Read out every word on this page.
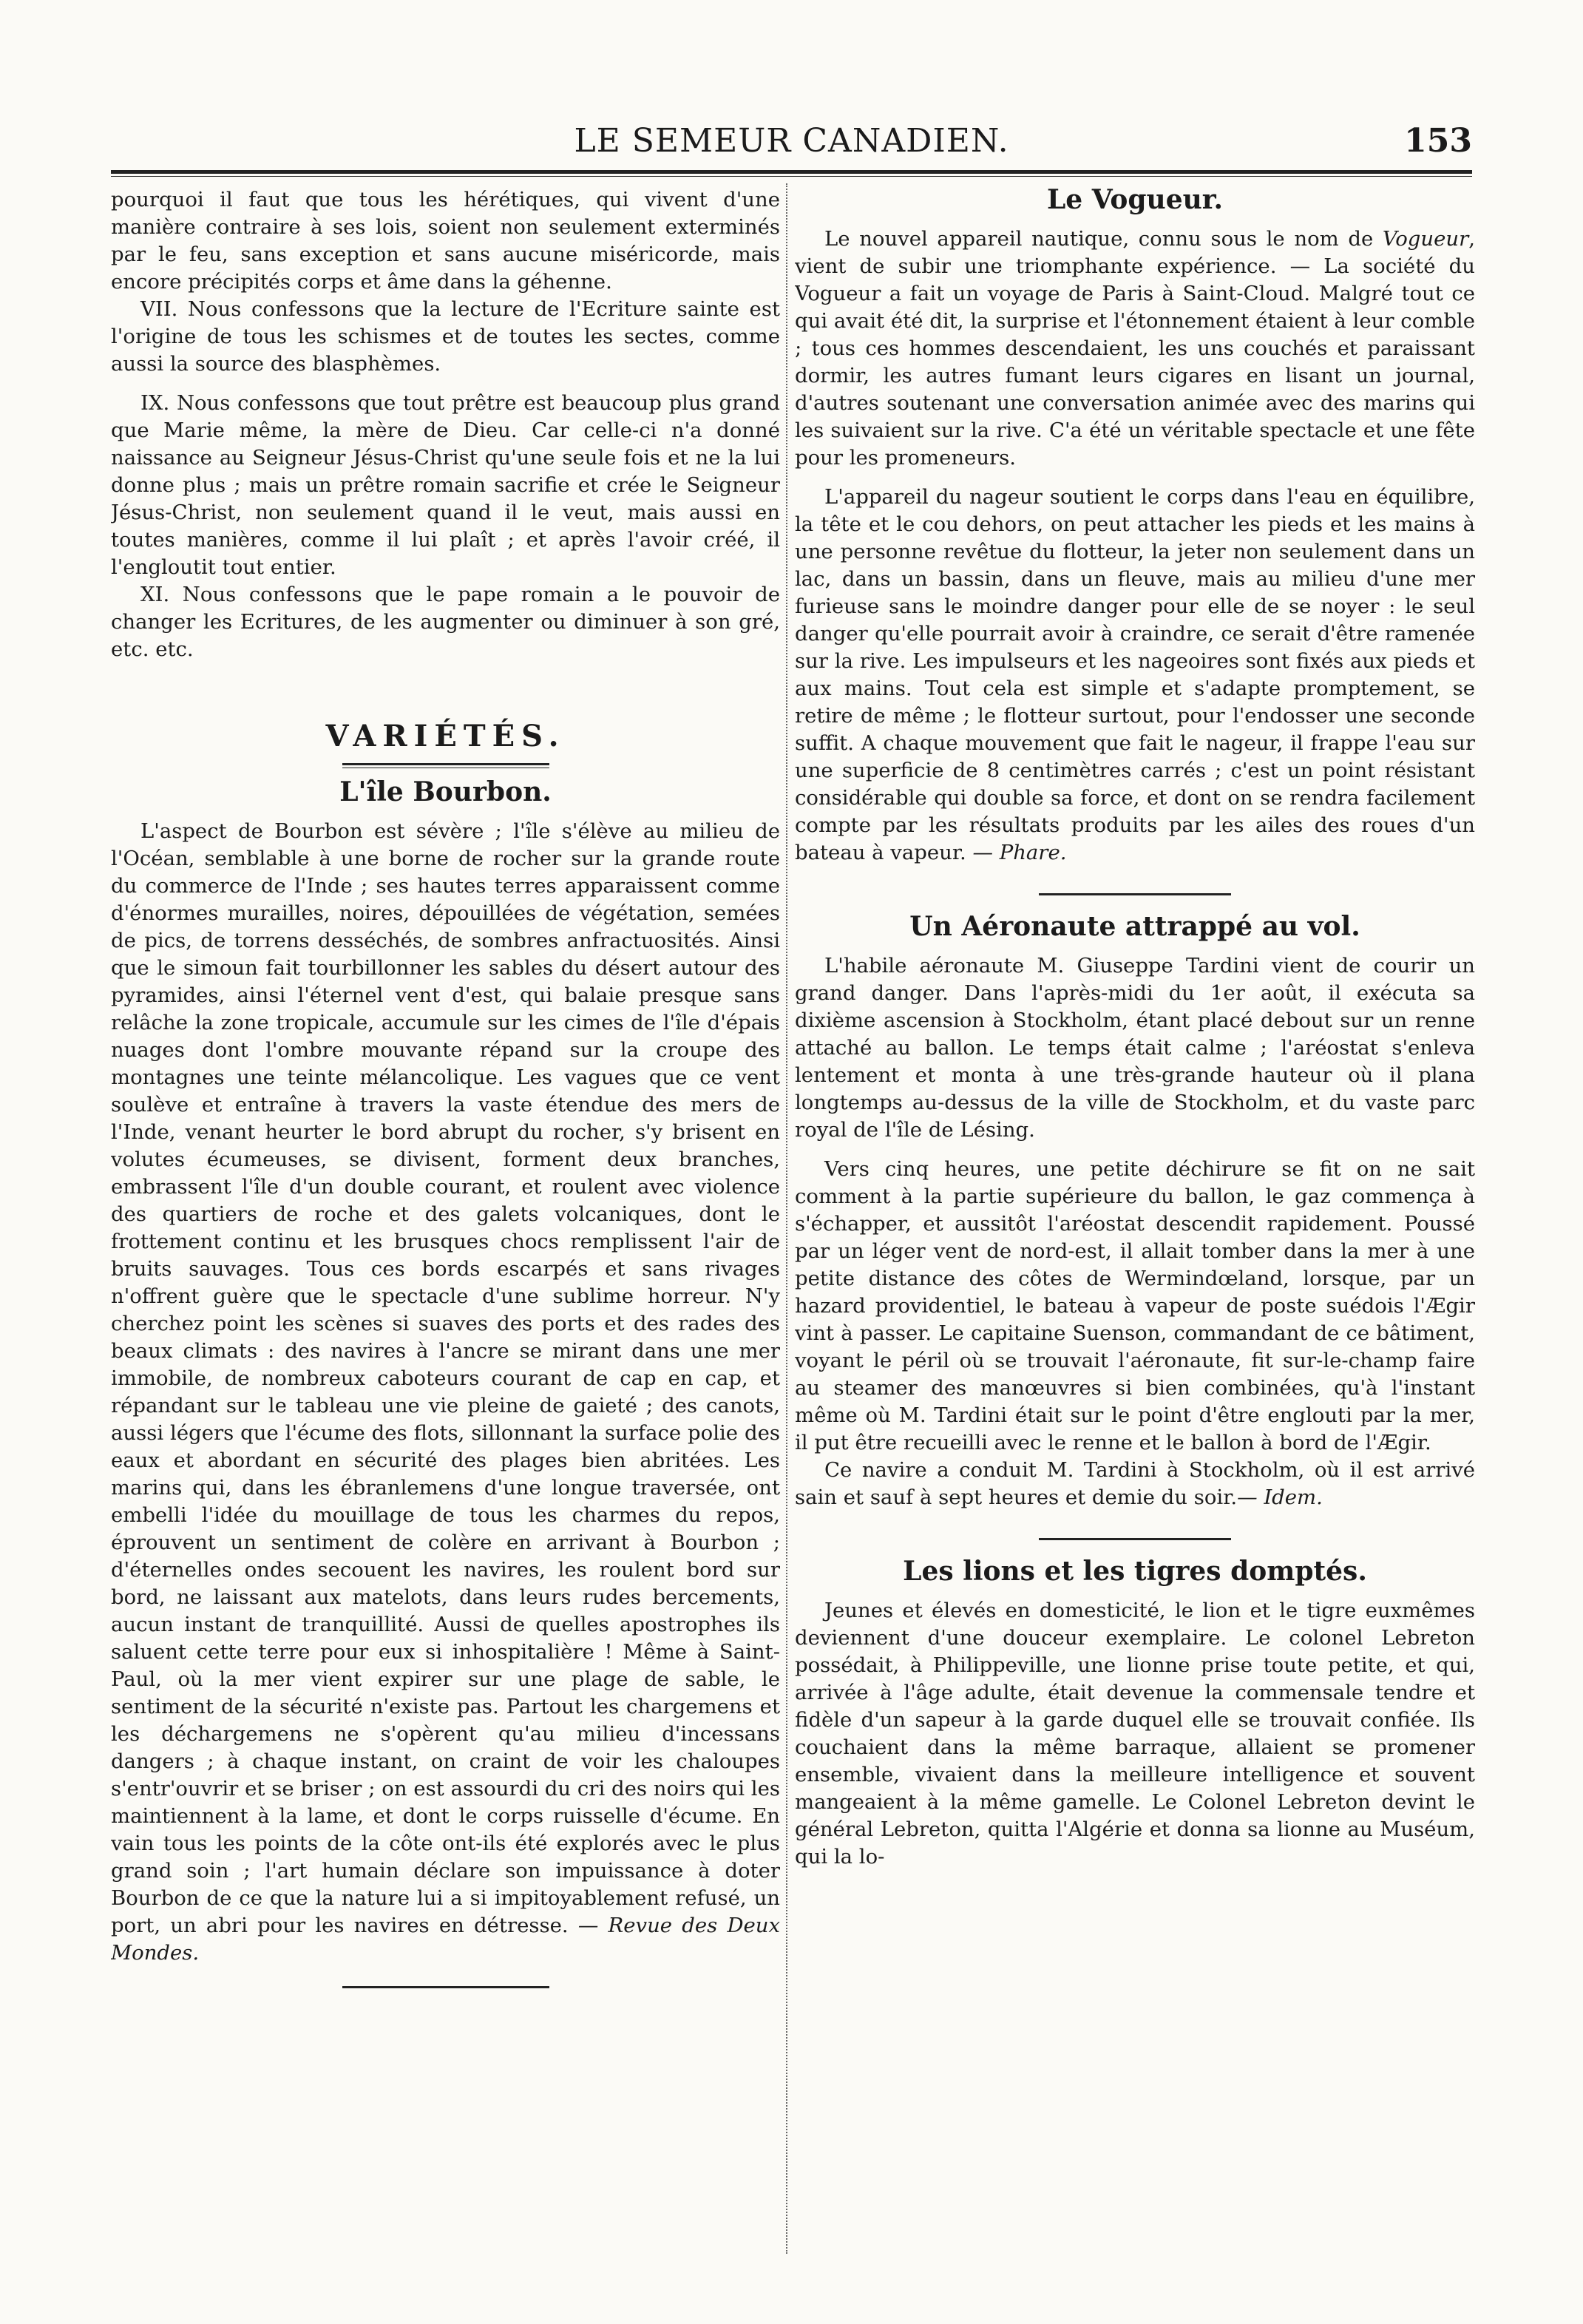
LE SEMEUR CANADIEN.	153

pourquoi il faut que tous les hérétiques, qui vivent d'une manière contraire à ses lois, soient non seulement exterminés par le feu, sans exception et sans aucune miséricorde, mais encore précipités corps et âme dans la géhenne.

VII. Nous confessons que la lecture de l'Ecriture sainte est l'origine de tous les schismes et de toutes les sectes, comme aussi la source des blasphèmes.

IX. Nous confessons que tout prêtre est beaucoup plus grand que Marie même, la mère de Dieu. Car celle-ci n'a donné naissance au Seigneur Jésus-Christ qu'une seule fois et ne la lui donne plus ; mais un prêtre romain sacrifie et crée le Seigneur Jésus-Christ, non seulement quand il le veut, mais aussi en toutes manières, comme il lui plaît ; et après l'avoir créé, il l'engloutit tout entier.

XI. Nous confessons que le pape romain a le pouvoir de changer les Ecritures, de les augmenter ou diminuer à son gré, etc. etc.

VARIÉTÉS.
L'île Bourbon.

L'aspect de Bourbon est sévère ; l'île s'élève au milieu de l'Océan, semblable à une borne de rocher sur la grande route du commerce de l'Inde ; ses hautes terres apparaissent comme d'énormes murailles, noires, dépouillées de végétation, semées de pics, de torrens desséchés, de sombres anfractuosités. Ainsi que le simoun fait tourbillonner les sables du désert autour des pyramides, ainsi l'éternel vent d'est, qui balaie presque sans relâche la zone tropicale, accumule sur les cimes de l'île d'épais nuages dont l'ombre mouvante répand sur la croupe des montagnes une teinte mélancolique. Les vagues que ce vent soulève et entraîne à travers la vaste étendue des mers de l'Inde, venant heurter le bord abrupt du rocher, s'y brisent en volutes écumeuses, se divisent, forment deux branches, embrassent l'île d'un double courant, et roulent avec violence des quartiers de roche et des galets volcaniques, dont le frottement continu et les brusques chocs remplissent l'air de bruits sauvages. Tous ces bords escarpés et sans rivages n'offrent guère que le spectacle d'une sublime horreur. N'y cherchez point les scènes si suaves des ports et des rades des beaux climats : des navires à l'ancre se mirant dans une mer immobile, de nombreux caboteurs courant de cap en cap, et répandant sur le tableau une vie pleine de gaieté ; des canots, aussi légers que l'écume des flots, sillonnant la surface polie des eaux et abordant en sécurité des plages bien abritées. Les marins qui, dans les ébranlemens d'une longue traversée, ont embelli l'idée du mouillage de tous les charmes du repos, éprouvent un sentiment de colère en arrivant à Bourbon ; d'éternelles ondes secouent les navires, les roulent bord sur bord, ne laissant aux matelots, dans leurs rudes bercements, aucun instant de tranquillité. Aussi de quelles apostrophes ils saluent cette terre pour eux si inhospitalière ! Même à Saint-Paul, où la mer vient expirer sur une plage de sable, le sentiment de la sécurité n'existe pas. Partout les chargemens et les déchargemens ne s'opèrent qu'au milieu d'incessans dangers ; à chaque instant, on craint de voir les chaloupes s'entr'ouvrir et se briser ; on est assourdi du cri des noirs qui les maintiennent à la lame, et dont le corps ruisselle d'écume. En vain tous les points de la côte ont-ils été explorés avec le plus grand soin ; l'art humain déclare son impuissance à doter Bourbon de ce que la nature lui a si impitoyablement refusé, un port, un abri pour les navires en détresse. — Revue des Deux Mondes.

Le Vogueur.

Le nouvel appareil nautique, connu sous le nom de Vogueur, vient de subir une triomphante expérience. — La société du Vogueur a fait un voyage de Paris à Saint-Cloud. Malgré tout ce qui avait été dit, la surprise et l'étonnement étaient à leur comble ; tous ces hommes descendaient, les uns couchés et paraissant dormir, les autres fumant leurs cigares en lisant un journal, d'autres soutenant une conversation animée avec des marins qui les suivaient sur la rive. C'a été un véritable spectacle et une fête pour les promeneurs.

L'appareil du nageur soutient le corps dans l'eau en équilibre, la tête et le cou dehors, on peut attacher les pieds et les mains à une personne revêtue du flotteur, la jeter non seulement dans un lac, dans un bassin, dans un fleuve, mais au milieu d'une mer furieuse sans le moindre danger pour elle de se noyer : le seul danger qu'elle pourrait avoir à craindre, ce serait d'être ramenée sur la rive. Les impulseurs et les nageoires sont fixés aux pieds et aux mains. Tout cela est simple et s'adapte promptement, se retire de même ; le flotteur surtout, pour l'endosser une seconde suffit. A chaque mouvement que fait le nageur, il frappe l'eau sur une superficie de 8 centimètres carrés ; c'est un point résistant considérable qui double sa force, et dont on se rendra facilement compte par les résultats produits par les ailes des roues d'un bateau à vapeur. — Phare.

Un Aéronaute attrappé au vol.

L'habile aéronaute M. Giuseppe Tardini vient de courir un grand danger. Dans l'après-midi du 1er août, il exécuta sa dixième ascension à Stockholm, étant placé debout sur un renne attaché au ballon. Le temps était calme ; l'aréostat s'enleva lentement et monta à une très-grande hauteur où il plana longtemps au-dessus de la ville de Stockholm, et du vaste parc royal de l'île de Lésing.

Vers cinq heures, une petite déchirure se fit on ne sait comment à la partie supérieure du ballon, le gaz commença à s'échapper, et aussitôt l'aréostat descendit rapidement. Poussé par un léger vent de nord-est, il allait tomber dans la mer à une petite distance des côtes de Wermindœland, lorsque, par un hazard providentiel, le bateau à vapeur de poste suédois l'Ægir vint à passer. Le capitaine Suenson, commandant de ce bâtiment, voyant le péril où se trouvait l'aéronaute, fit sur-le-champ faire au steamer des manœuvres si bien combinées, qu'à l'instant même où M. Tardini était sur le point d'être englouti par la mer, il put être recueilli avec le renne et le ballon à bord de l'Ægir.

Ce navire a conduit M. Tardini à Stockholm, où il est arrivé sain et sauf à sept heures et demie du soir.— Idem.

Les lions et les tigres domptés.

Jeunes et élevés en domesticité, le lion et le tigre euxmêmes deviennent d'une douceur exemplaire. Le colonel Lebreton possédait, à Philippeville, une lionne prise toute petite, et qui, arrivée à l'âge adulte, était devenue la commensale tendre et fidèle d'un sapeur à la garde duquel elle se trouvait confiée. Ils couchaient dans la même barraque, allaient se promener ensemble, vivaient dans la meilleure intelligence et souvent mangeaient à la même gamelle. Le Colonel Lebreton devint le général Lebreton, quitta l'Algérie et donna sa lionne au Muséum, qui la lo-
